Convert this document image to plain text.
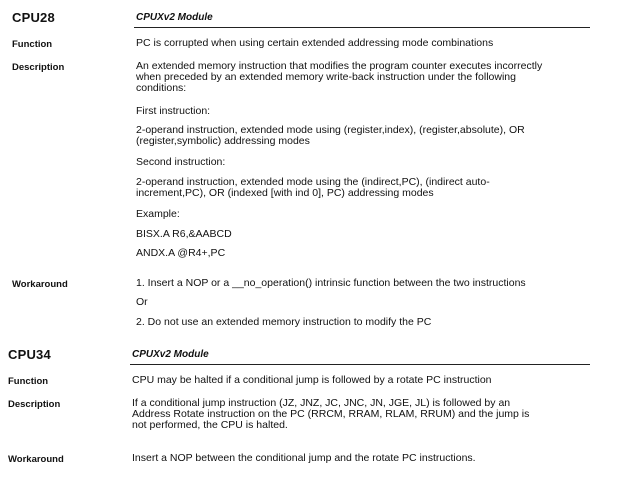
CPU28	CPUXv2 Module
Function	PC is corrupted when using certain extended addressing mode combinations
Description	An extended memory instruction that modifies the program counter executes incorrectly
when preceded by an extended memory write-back instruction under the following
conditions:
First instruction:
2-operand instruction, extended mode using (register,index), (register,absolute), OR
(register,symbolic) addressing modes
Second instruction:
2-operand instruction, extended mode using the (indirect,PC), (indirect auto-
increment,PC), OR (indexed [with ind 0], PC) addressing modes
Example:
BISX.A R6,&AABCD
ANDX.A @R4+,PC
Workaround	1. Insert a NOP or a __no_operation() intrinsic function between the two instructions
Or
2. Do not use an extended memory instruction to modify the PC
CPU34	CPUXv2 Module
Function	CPU may be halted if a conditional jump is followed by a rotate PC instruction
Description	If a conditional jump instruction (JZ, JNZ, JC, JNC, JN, JGE, JL) is followed by an
Address Rotate instruction on the PC (RRCM, RRAM, RLAM, RRUM) and the jump is
not performed, the CPU is halted.
Workaround	Insert a NOP between the conditional jump and the rotate PC instructions.
